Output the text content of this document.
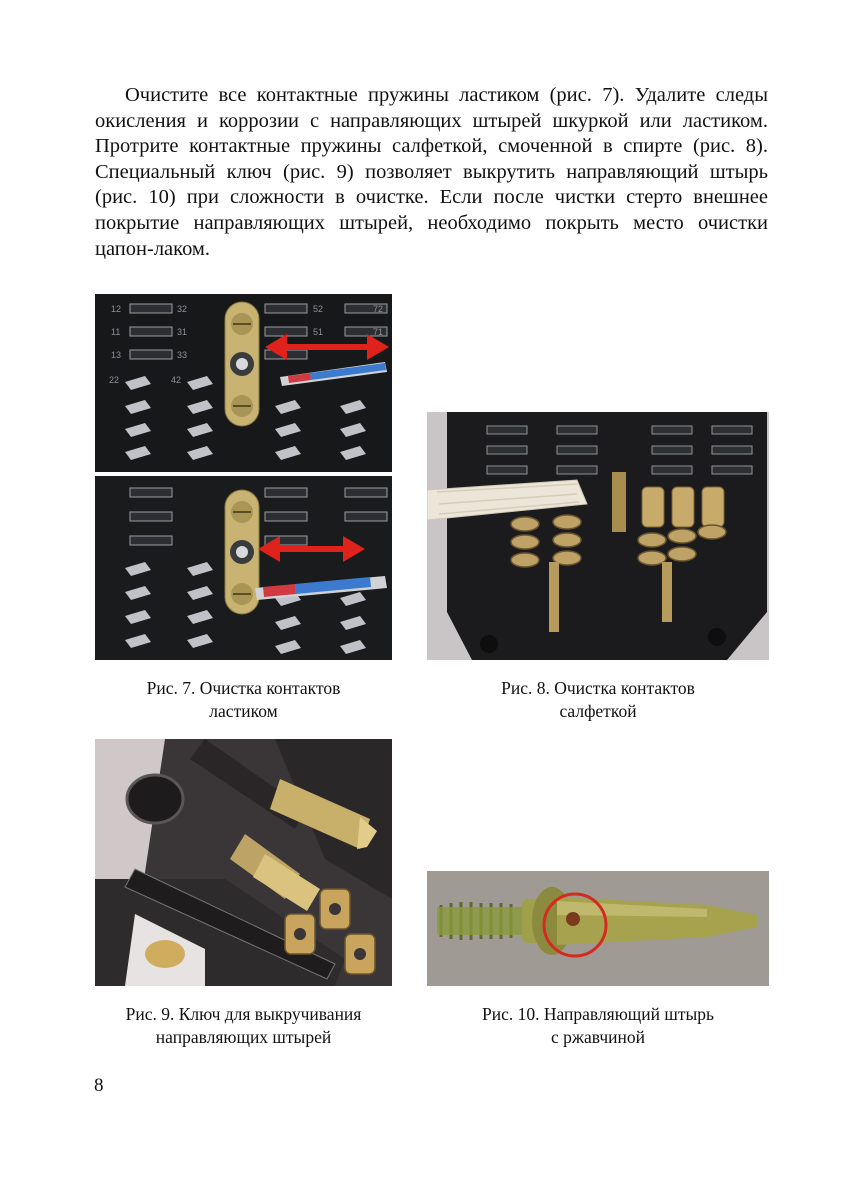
Очистите все контактные пружины ластиком (рис. 7). Удалите следы окисления и коррозии с направляющих штырей шкуркой или ластиком. Протрите контактные пружины салфеткой, смоченной в спирте (рис. 8). Специальный ключ (рис. 9) позволяет выкрутить направляющий штырь (рис. 10) при сложности в очистке. Если после чистки стерто внешнее покрытие направляющих штырей, необходимо покрыть место очистки цапон-лаком.

12	32	52	72
11	31	51	71
13	33
22	42
Рис. 7. Очистка контактов
ластиком
Рис. 8. Очистка контактов
салфеткой
Рис. 9. Ключ для выкручивания
направляющих штырей
Рис. 10. Направляющий штырь
с ржавчиной
8
